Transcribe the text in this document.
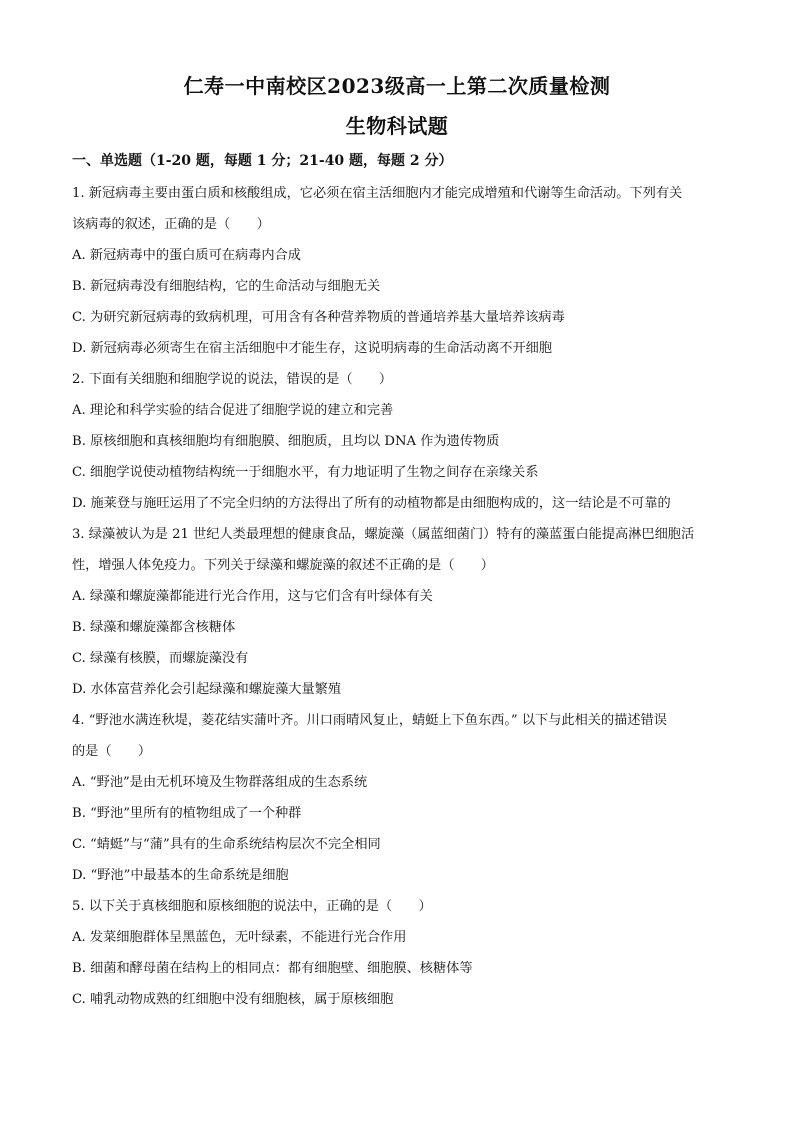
仁寿一中南校区2023级高一上第二次质量检测
生物科试题
一、单选题（1-20 题，每题 1 分；21-40 题，每题 2 分）
1. 新冠病毒主要由蛋白质和核酸组成，它必须在宿主活细胞内才能完成增殖和代谢等生命活动。下列有关
该病毒的叙述，正确的是（　　）
A. 新冠病毒中的蛋白质可在病毒内合成
B. 新冠病毒没有细胞结构，它的生命活动与细胞无关
C. 为研究新冠病毒的致病机理，可用含有各种营养物质的普通培养基大量培养该病毒
D. 新冠病毒必须寄生在宿主活细胞中才能生存，这说明病毒的生命活动离不开细胞
2. 下面有关细胞和细胞学说的说法，错误的是（　　）
A. 理论和科学实验的结合促进了细胞学说的建立和完善
B. 原核细胞和真核细胞均有细胞膜、细胞质，且均以 DNA 作为遗传物质
C. 细胞学说使动植物结构统一于细胞水平，有力地证明了生物之间存在亲缘关系
D. 施莱登与施旺运用了不完全归纳的方法得出了所有的动植物都是由细胞构成的，这一结论是不可靠的
3. 绿藻被认为是 21 世纪人类最理想的健康食品，螺旋藻（属蓝细菌门）特有的藻蓝蛋白能提高淋巴细胞活
性，增强人体免疫力。下列关于绿藻和螺旋藻的叙述不正确的是（　　）
A. 绿藻和螺旋藻都能进行光合作用，这与它们含有叶绿体有关
B. 绿藻和螺旋藻都含核糖体
C. 绿藻有核膜，而螺旋藻没有
D. 水体富营养化会引起绿藻和螺旋藻大量繁殖
4. “野池水满连秋堤，菱花结实蒲叶齐。川口雨晴风复止，蜻蜓上下鱼东西。” 以下与此相关的描述错误
的是（　　）
A. “野池”是由无机环境及生物群落组成的生态系统
B. “野池”里所有的植物组成了一个种群
C. “蜻蜓”与“蒲”具有的生命系统结构层次不完全相同
D. “野池”中最基本的生命系统是细胞
5. 以下关于真核细胞和原核细胞的说法中，正确的是（　　）
A. 发菜细胞群体呈黑蓝色，无叶绿素，不能进行光合作用
B. 细菌和酵母菌在结构上的相同点：都有细胞壁、细胞膜、核糖体等
C. 哺乳动物成熟的红细胞中没有细胞核，属于原核细胞
